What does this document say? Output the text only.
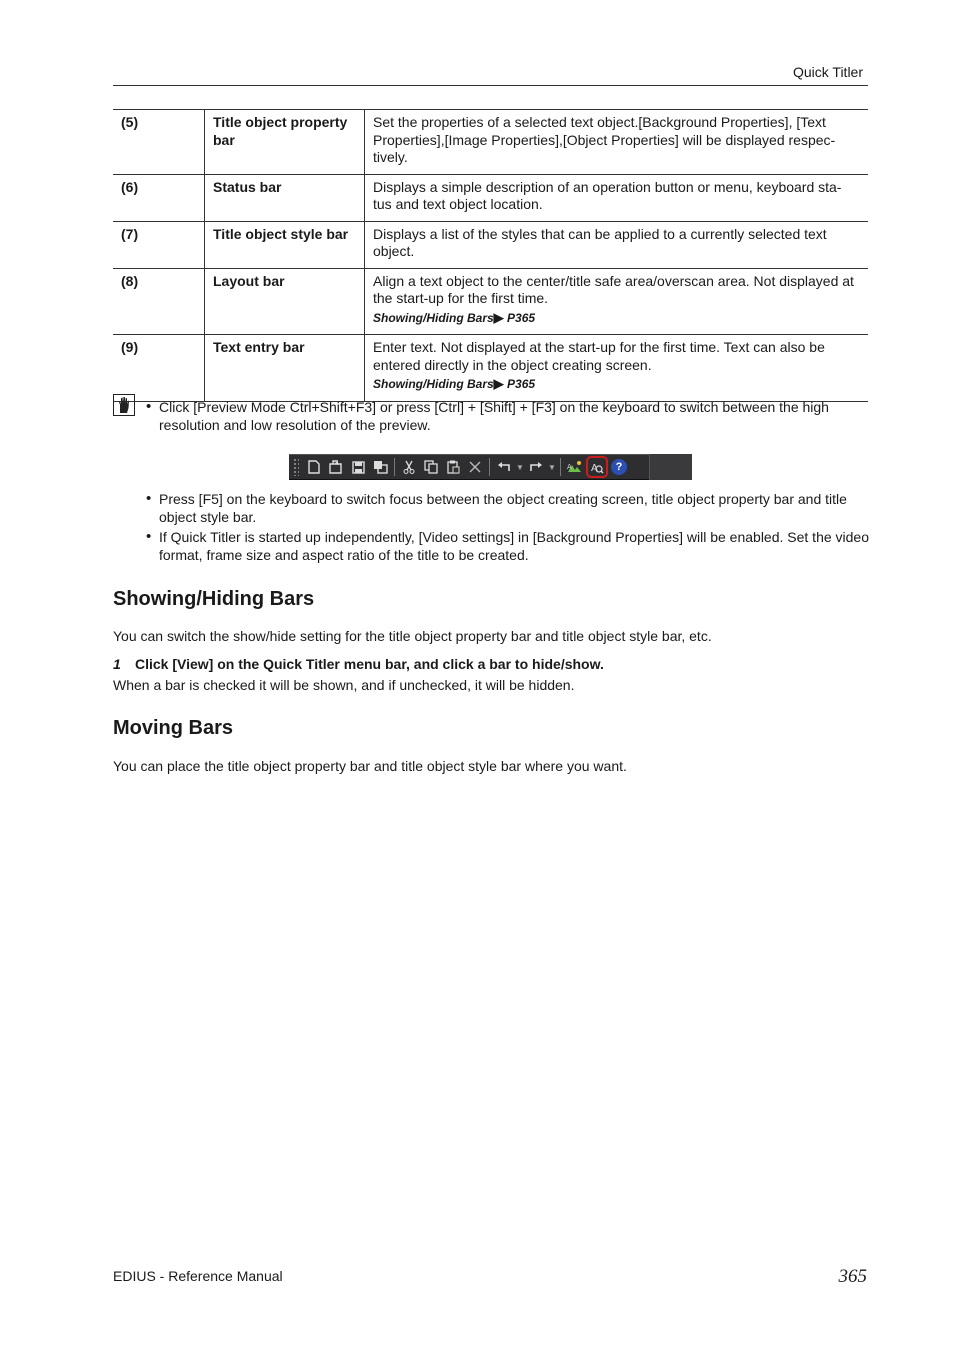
Quick Titler
(5)	Title object property bar	Set the properties of a selected text object.[Background Properties], [Text Properties],[Image Properties],[Object Properties] will be displayed respec-tively.
(6)	Status bar	Displays a simple description of an operation button or menu, keyboard sta-tus and text object location.
(7)	Title object style bar	Displays a list of the styles that can be applied to a currently selected text object.
(8)	Layout bar	Align a text object to the center/title safe area/overscan area. Not displayed at the start-up for the first time.
Showing/Hiding Bars▶ P365

(9)	Text entry bar	Enter text. Not displayed at the start-up for the first time. Text can also be entered directly in the object creating screen.
Showing/Hiding Bars▶ P365
• Click [Preview Mode Ctrl+Shift+F3] or press [Ctrl] + [Shift] + [F3] on the keyboard to switch between the high resolution and low resolution of the preview.
▼	▼ A A	?
• Press [F5] on the keyboard to switch focus between the object creating screen, title object property bar and title object style bar.
• If Quick Titler is started up independently, [Video settings] in [Background Properties] will be enabled. Set the video format, frame size and aspect ratio of the title to be created.
Showing/Hiding Bars

You can switch the show/hide setting for the title object property bar and title object style bar, etc.

1 Click [View] on the Quick Titler menu bar, and click a bar to hide/show.

When a bar is checked it will be shown, and if unchecked, it will be hidden.

Moving Bars

You can place the title object property bar and title object style bar where you want.

EDIUS - Reference Manual	365
